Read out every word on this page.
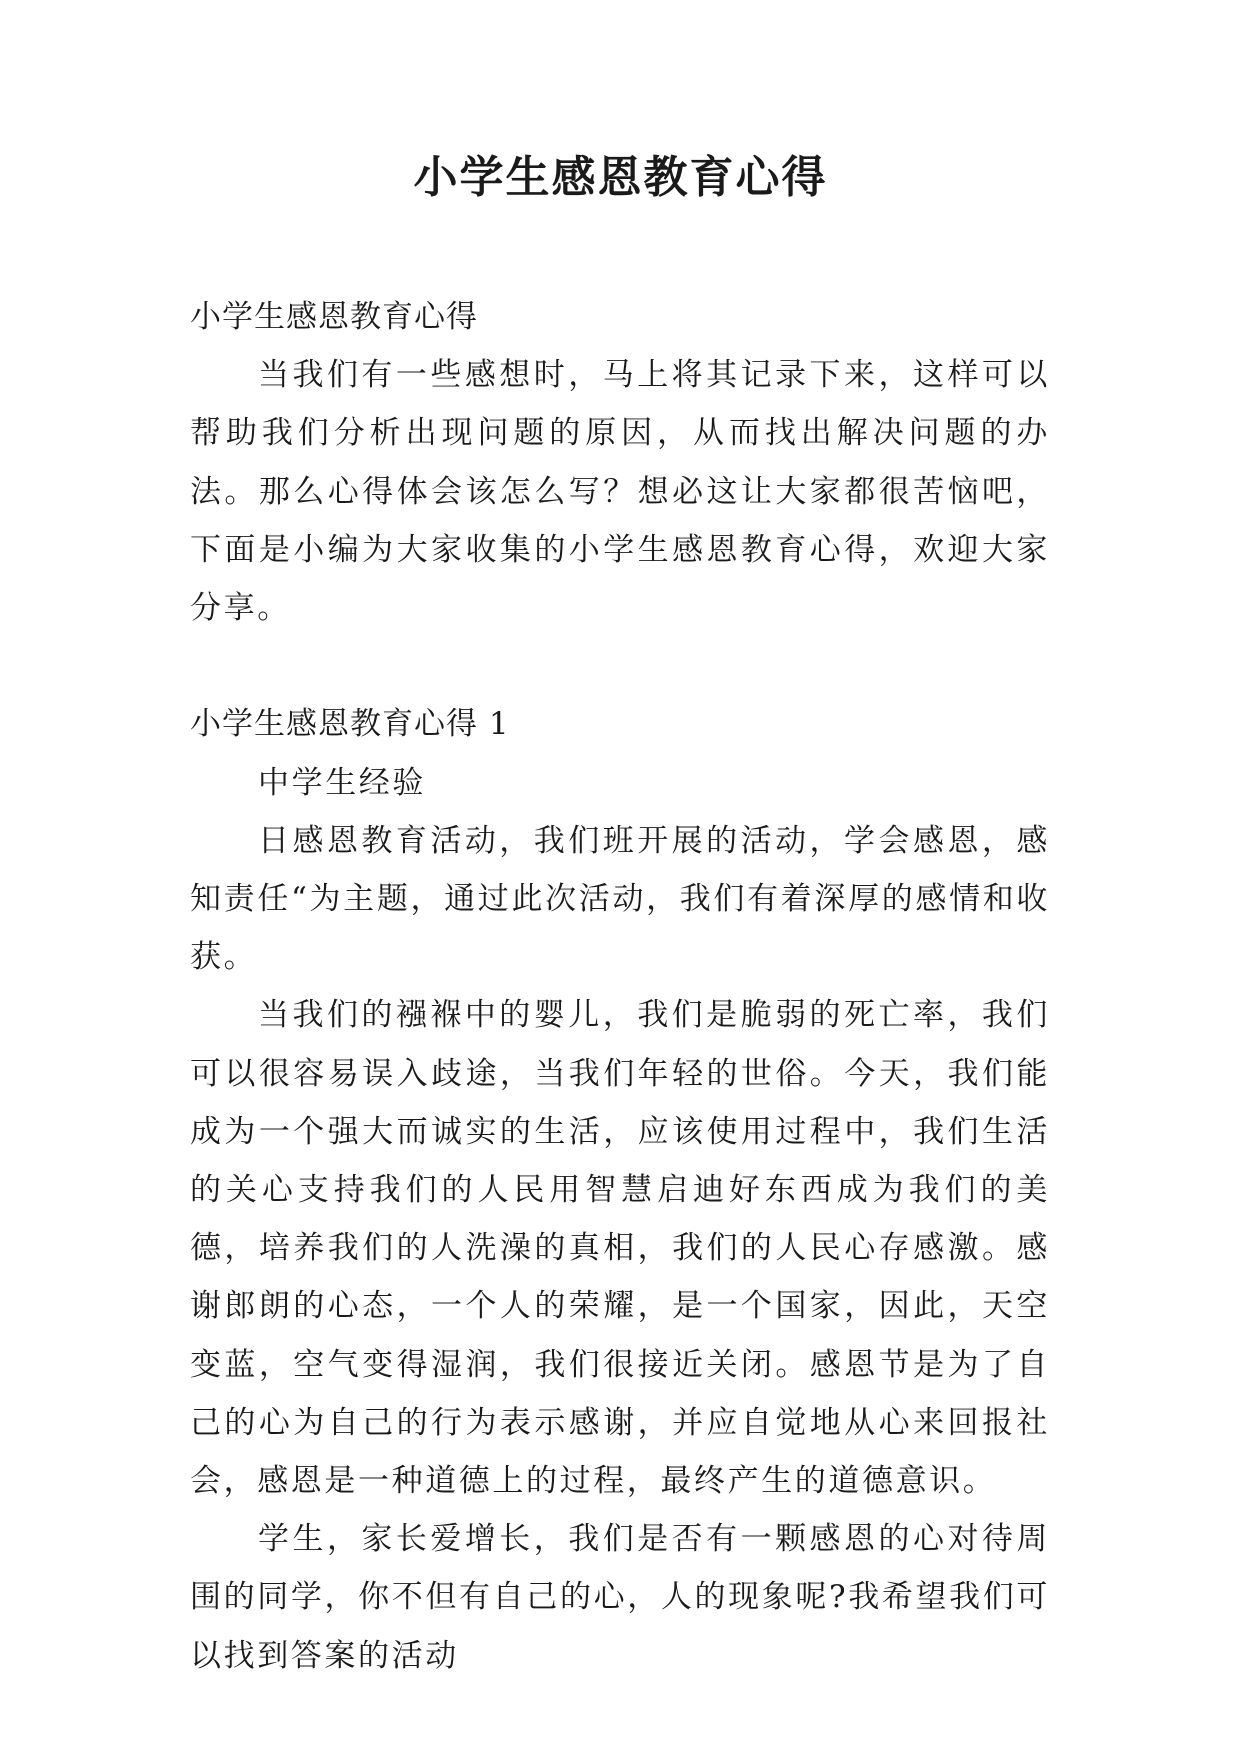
小学生感恩教育心得

小学生感恩教育心得

当我们有一些感想时，马上将其记录下来，这样可以帮助我们分析出现问题的原因，从而找出解决问题的办法。那么心得体会该怎么写？想必这让大家都很苦恼吧，下面是小编为大家收集的小学生感恩教育心得，欢迎大家分享。

小学生感恩教育心得 1

中学生经验

日感恩教育活动，我们班开展的活动，学会感恩，感知责任“为主题，通过此次活动，我们有着深厚的感情和收获。

当我们的襁褓中的婴儿，我们是脆弱的死亡率，我们可以很容易误入歧途，当我们年轻的世俗。今天，我们能成为一个强大而诚实的生活，应该使用过程中，我们生活的关心支持我们的人民用智慧启迪好东西成为我们的美德，培养我们的人洗澡的真相，我们的人民心存感激。感谢郎朗的心态，一个人的荣耀，是一个国家，因此，天空变蓝，空气变得湿润，我们很接近关闭。感恩节是为了自己的心为自己的行为表示感谢，并应自觉地从心来回报社会，感恩是一种道德上的过程，最终产生的道德意识。

学生，家长爱增长，我们是否有一颗感恩的心对待周围的同学，你不但有自己的心，人的现象呢?我希望我们可以找到答案的活动
